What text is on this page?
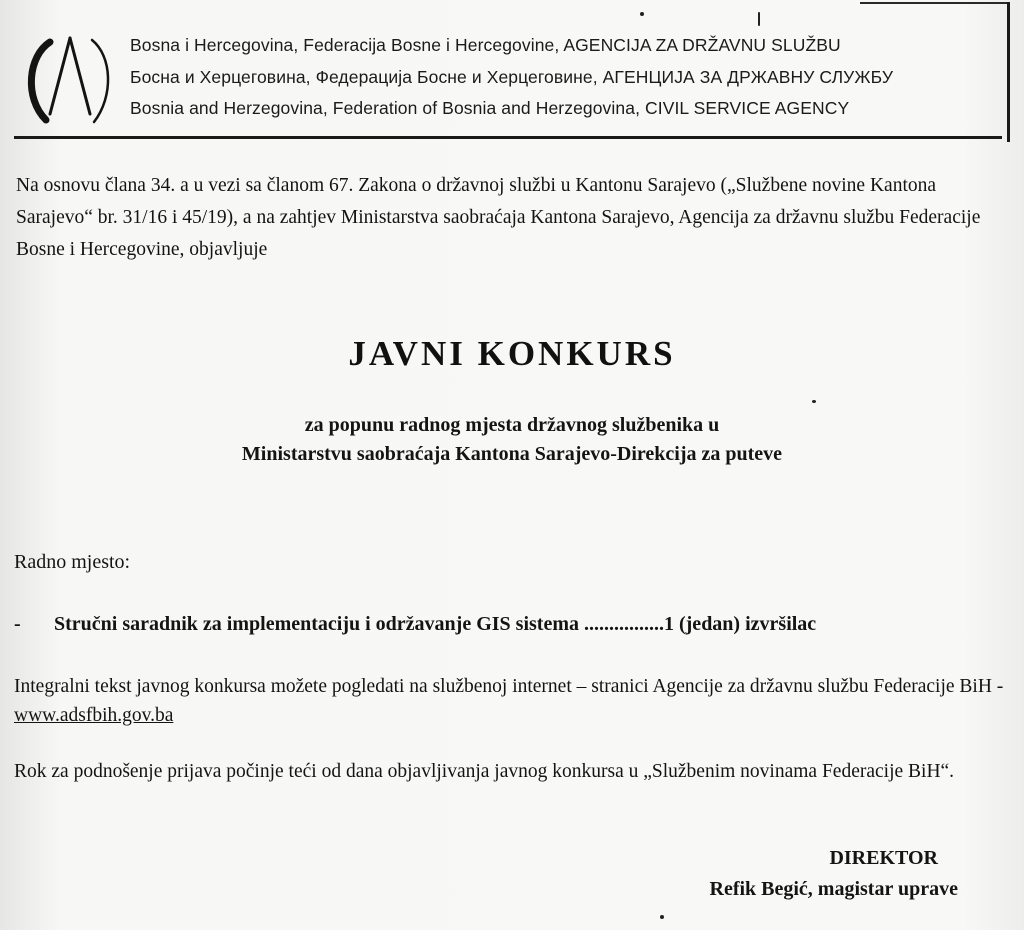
Bosna i Hercegovina, Federacija Bosne i Hercegovine, AGENCIJA ZA DRŽAVNU SLUŽBU
Босна и Херцеговина, Федерација Босне и Херцеговине, АГЕНЦИЈА ЗА ДРЖАВНУ СЛУЖБУ
Bosnia and Herzegovina, Federation of Bosnia and Herzegovina, CIVIL SERVICE AGENCY
Na osnovu člana 34. a u vezi sa članom 67. Zakona o državnoj službi u Kantonu Sarajevo („Službene novine Kantona Sarajevo“ br. 31/16 i 45/19), a na zahtjev Ministarstva saobraćaja Kantona Sarajevo, Agencija za državnu službu Federacije Bosne i Hercegovine, objavljuje
JAVNI KONKURS
za popunu radnog mjesta državnog službenika u
Ministarstvu saobraćaja Kantona Sarajevo-Direkcija za puteve
Radno mjesto:
- Stručni saradnik za implementaciju i održavanje GIS sistema ................1 (jedan) izvršilac
Integralni tekst javnog konkursa možete pogledati na službenoj internet – stranici Agencije za državnu službu Federacije BiH - www.adsfbih.gov.ba
Rok za podnošenje prijava počinje teći od dana objavljivanja javnog konkursa u „Službenim novinama Federacije BiH“.
DIREKTOR
Refik Begić, magistar uprave
